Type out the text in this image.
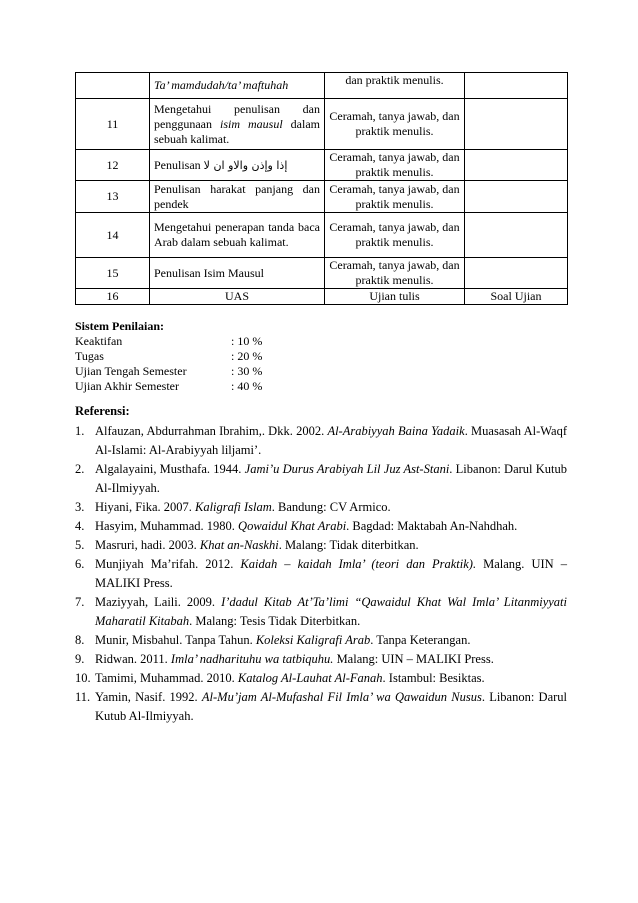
	Ta’ mamdudah/ta’ maftuhah	dan praktik menulis.	
11	Mengetahui penulisan dan penggunaan isim mausul dalam sebuah kalimat.	Ceramah, tanya jawab, dan praktik menulis.	
12	Penulisan إذا وإذن والاو ان لا	Ceramah, tanya jawab, dan praktik menulis.	
13	Penulisan harakat panjang dan pendek	Ceramah, tanya jawab, dan praktik menulis.	
14	Mengetahui penerapan tanda baca Arab dalam sebuah kalimat.	Ceramah, tanya jawab, dan praktik menulis.	
15	Penulisan Isim Mausul	Ceramah, tanya jawab, dan praktik menulis.	
16	UAS	Ujian tulis	Soal Ujian
Sistem Penilaian:
Keaktifan	: 10 %
Tugas	: 20 %
Ujian Tengah Semester	: 30 %
Ujian Akhir Semester	: 40 %
Referensi:
1. Alfauzan, Abdurrahman Ibrahim,. Dkk. 2002. Al-Arabiyyah Baina Yadaik. Muasasah Al-Waqf Al-Islami: Al-Arabiyyah liljami’.
2. Algalayaini, Musthafa. 1944. Jami’u Durus Arabiyah Lil Juz Ast-Stani. Libanon: Darul Kutub Al-Ilmiyyah.
3. Hiyani, Fika. 2007. Kaligrafi Islam. Bandung: CV Armico.
4. Hasyim, Muhammad. 1980. Qowaidul Khat Arabi. Bagdad: Maktabah An-Nahdhah.
5. Masruri, hadi. 2003. Khat an-Naskhi. Malang: Tidak diterbitkan.
6. Munjiyah Ma’rifah. 2012. Kaidah – kaidah Imla’ (teori dan Praktik). Malang. UIN – MALIKI Press.
7. Maziyyah, Laili. 2009. I’dadul Kitab At’Ta’limi “Qawaidul Khat Wal Imla’ Litanmiyyati Maharatil Kitabah. Malang: Tesis Tidak Diterbitkan.
8. Munir, Misbahul. Tanpa Tahun. Koleksi Kaligrafi Arab. Tanpa Keterangan.
9. Ridwan. 2011. Imla’ nadharituhu wa tatbiquhu. Malang: UIN – MALIKI Press.
10. Tamimi, Muhammad. 2010. Katalog Al-Lauhat Al-Fanah. Istambul: Besiktas.
11. Yamin, Nasif. 1992. Al-Mu’jam Al-Mufashal Fil Imla’ wa Qawaidun Nusus. Libanon: Darul Kutub Al-Ilmiyyah.
